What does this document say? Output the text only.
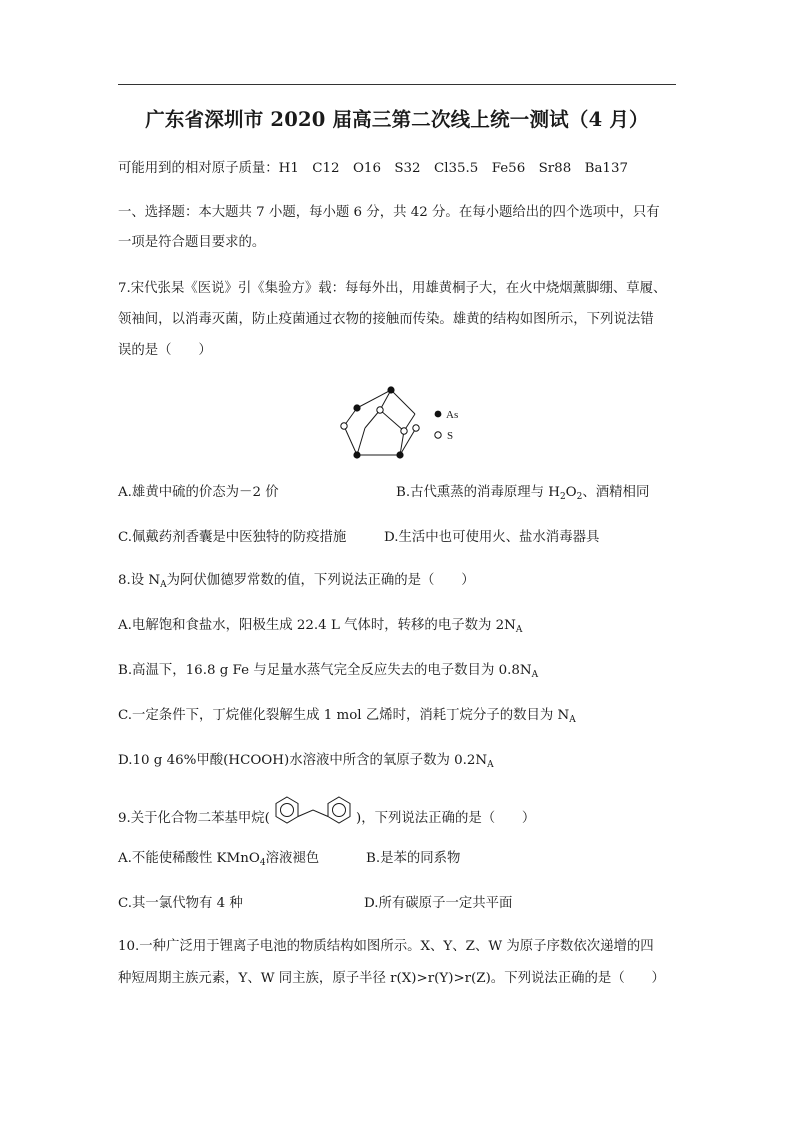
广东省深圳市 2020 届高三第二次线上统一测试（4 月）
可能用到的相对原子质量：H1　C12　O16　S32　Cl35.5　Fe56　Sr88　Ba137
一、选择题：本大题共 7 小题，每小题 6 分，共 42 分。在每小题给出的四个选项中，只有
一项是符合题目要求的。
7.宋代张杲《医说》引《集验方》载：每每外出，用雄黄桐子大，在火中烧烟薰脚绷、草履、
领袖间，以消毒灭菌，防止疫菌通过衣物的接触而传染。雄黄的结构如图所示，下列说法错
误的是（　　）
As
S
A.雄黄中硫的价态为－2 价	B.古代熏蒸的消毒原理与 $H_2O_2$、酒精相同
C.佩戴药剂香囊是中医独特的防疫措施	D.生活中也可使用火、盐水消毒器具
8.设 $N_A$为阿伏伽德罗常数的值，下列说法正确的是（　　）
A.电解饱和食盐水，阳极生成 22.4 L 气体时，转移的电子数为 $2N_A$
B.高温下，16.8 g Fe 与足量水蒸气完全反应失去的电子数目为 $0.8N_A$
C.一定条件下，丁烷催化裂解生成 1 mol 乙烯时，消耗丁烷分子的数目为 $N_A$
D.10 g 46%甲酸(HCOOH)水溶液中所含的氧原子数为 $0.2N_A$
9.关于化合物二苯基甲烷(	)，下列说法正确的是（　　）
A.不能使稀酸性 KMnO$_4$溶液褪色	B.是苯的同系物
C.其一氯代物有 4 种	D.所有碳原子一定共平面
10.一种广泛用于锂离子电池的物质结构如图所示。X、Y、Z、W 为原子序数依次递增的四
种短周期主族元素，Y、W 同主族，原子半径 r(X)>r(Y)>r(Z)。下列说法正确的是（　　）
